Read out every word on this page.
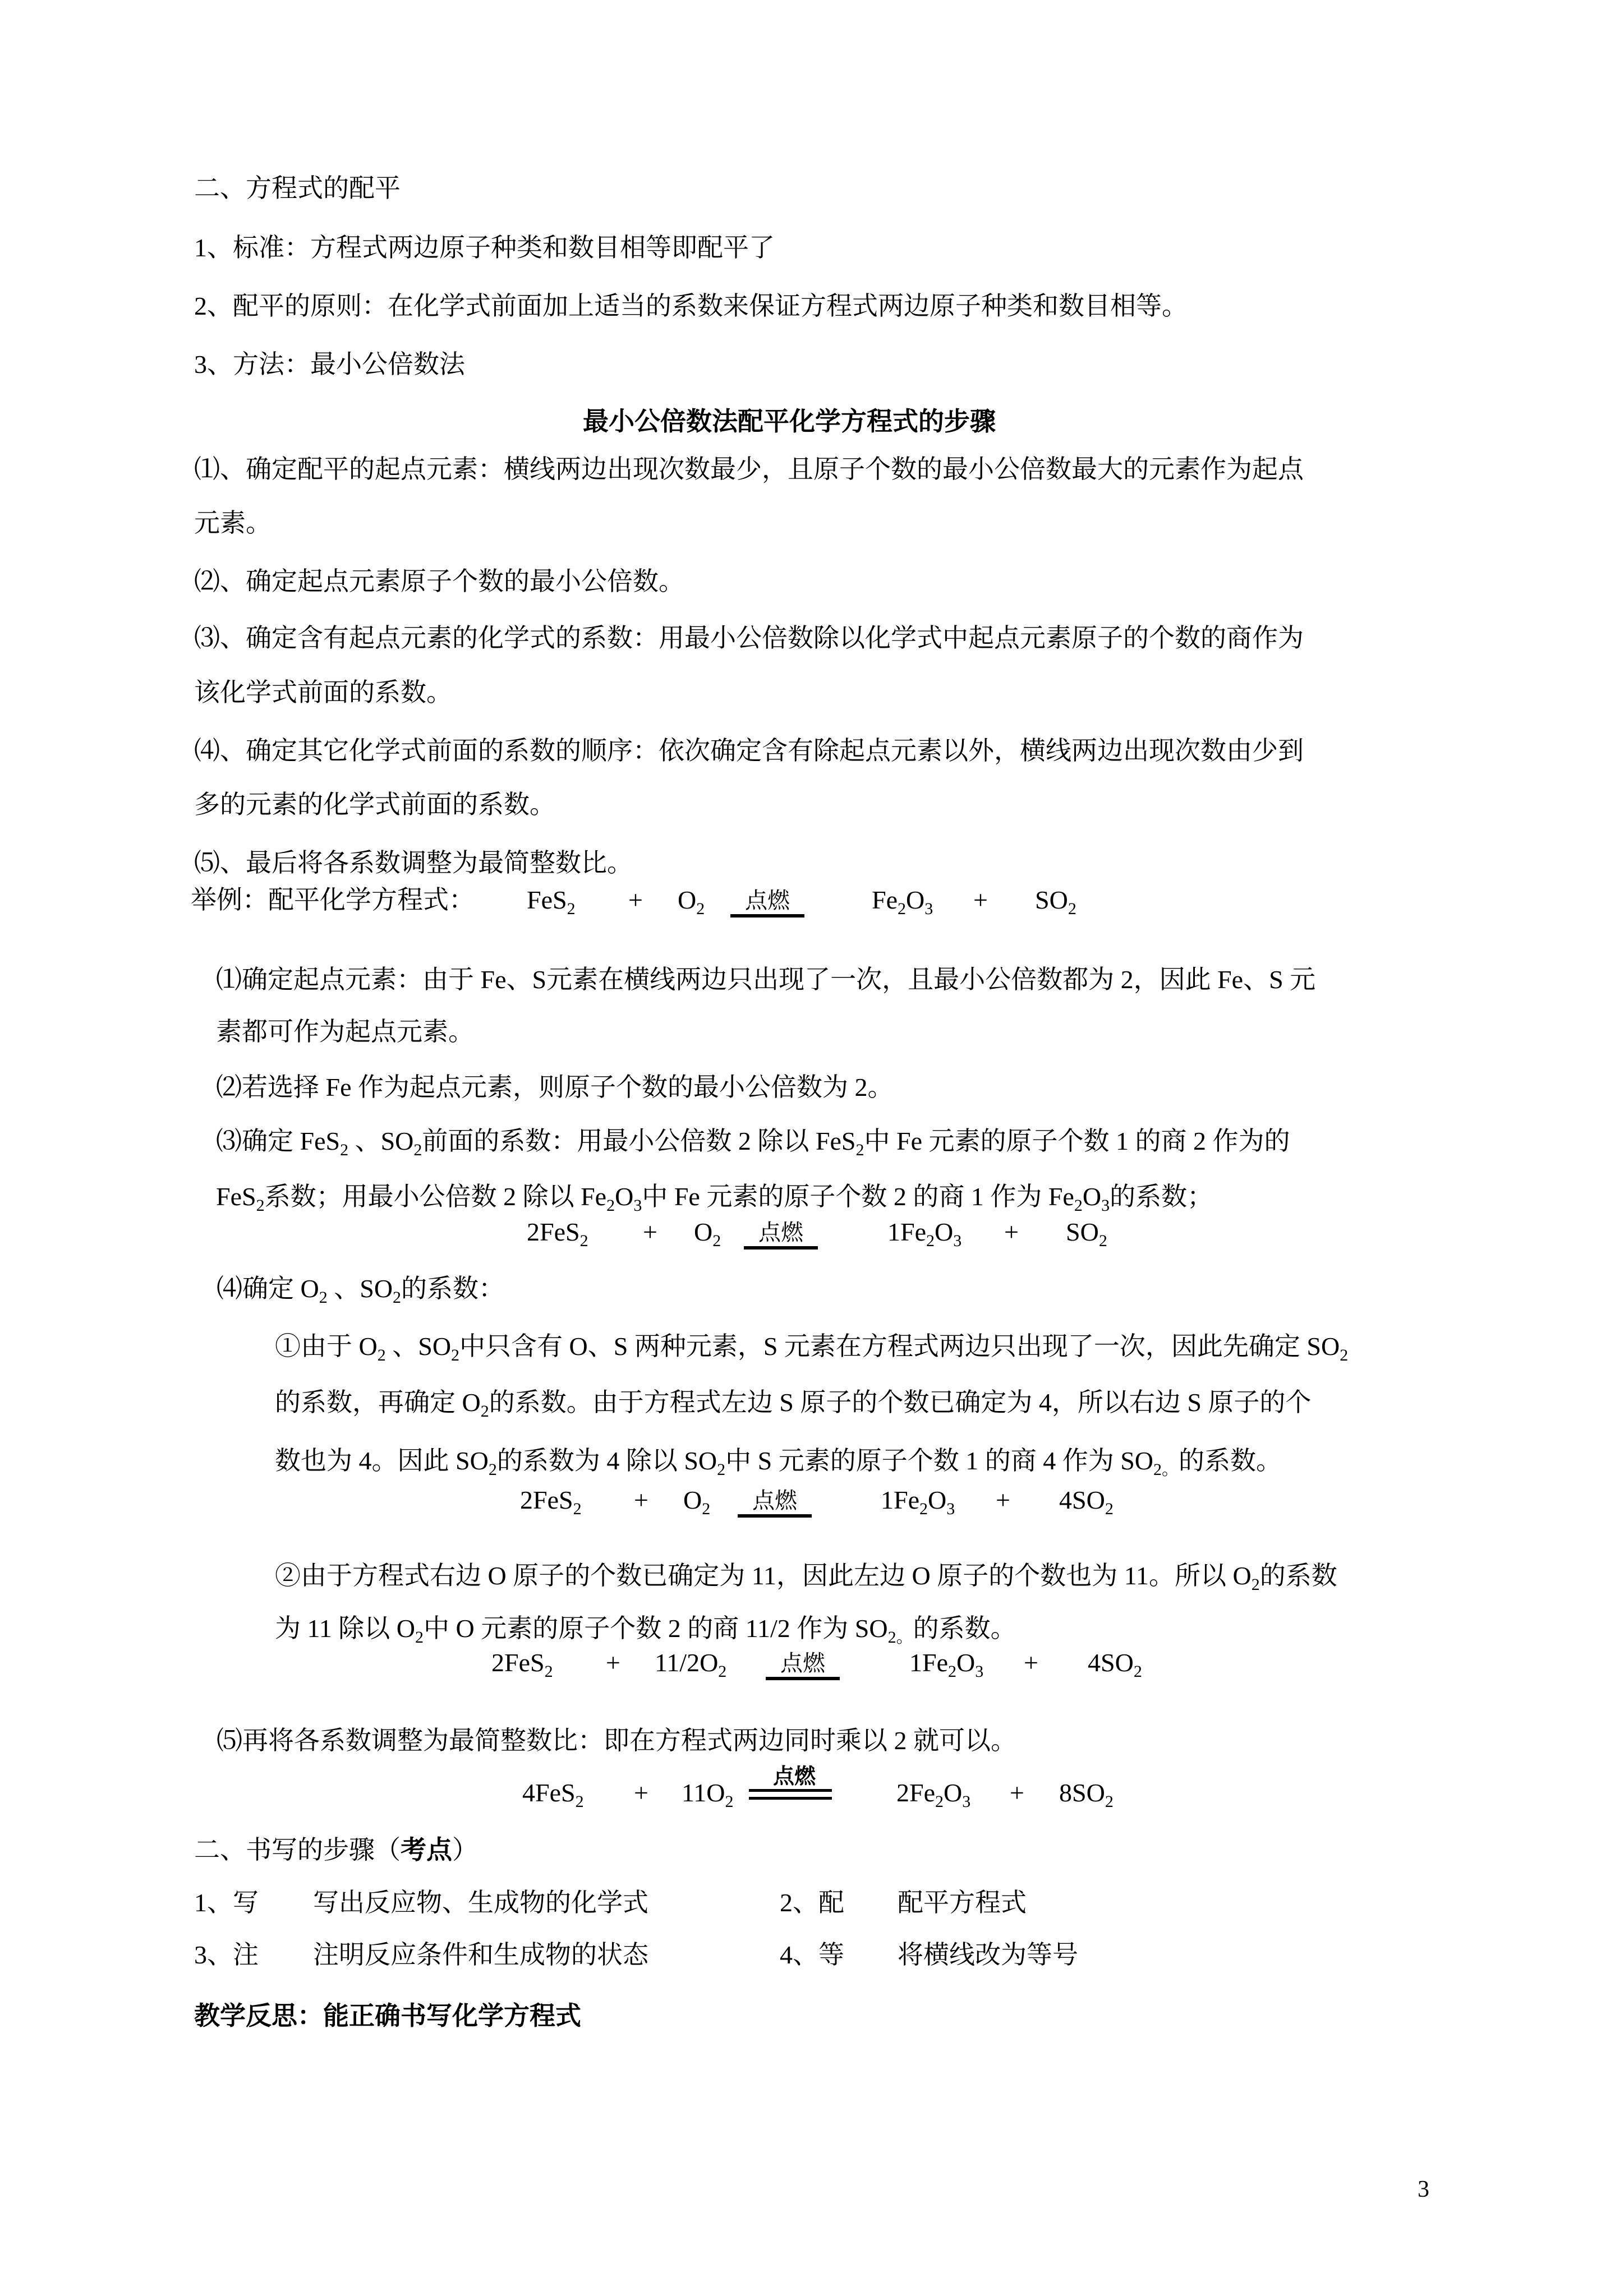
二、方程式的配平
1、标准：方程式两边原子种类和数目相等即配平了
2、配平的原则：在化学式前面加上适当的系数来保证方程式两边原子种类和数目相等。
3、方法：最小公倍数法
最小公倍数法配平化学方程式的步骤
⑴、确定配平的起点元素：横线两边出现次数最少，且原子个数的最小公倍数最大的元素作为起点
元素。
⑵、确定起点元素原子个数的最小公倍数。
⑶、确定含有起点元素的化学式的系数：用最小公倍数除以化学式中起点元素原子的个数的商作为
该化学式前面的系数。
⑷、确定其它化学式前面的系数的顺序：依次确定含有除起点元素以外，横线两边出现次数由少到
多的元素的化学式前面的系数。
⑸、最后将各系数调整为最简整数比。
举例：配平化学方程式： $FeS_2 + O_2$	点燃	$Fe_2O_3 + SO_2$
⑴确定起点元素：由于 Fe、S元素在横线两边只出现了一次，且最小公倍数都为 2，因此 Fe、S 元
素都可作为起点元素。
⑵若选择 Fe 作为起点元素，则原子个数的最小公倍数为 2。
⑶确定 FeS$_2$ 、$SO_2$前面的系数：用最小公倍数 2 除以 FeS$_2$中 Fe 元素的原子个数 1 的商 2 作为的
FeS$_2$系数；用最小公倍数 2 除以 $Fe_2O_3$中 Fe 元素的原子个数 2 的商 1 作为 $Fe_2O_3$的系数；
$2FeS_2 + O_2$	点燃	$1Fe_2O_3 + SO_2$
⑷确定 $O_2$ 、$SO_2$的系数：
①由于 $O_2$ 、$SO_2$中只含有 O、S 两种元素，S 元素在方程式两边只出现了一次，因此先确定 $SO_2$
的系数，再确定 $O_2$的系数。由于方程式左边 S 原子的个数已确定为 4，所以右边 S 原子的个
数也为 4。因此 $SO_2$的系数为 4 除以 $SO_2$中 S 元素的原子个数 1 的商 4 作为 $SO_{2。}$的系数。
$2FeS_2 + O_2$	点燃	$1Fe_2O_3 + 4SO_2$
②由于方程式右边 O 原子的个数已确定为 11，因此左边 O 原子的个数也为 11。所以 $O_2$的系数
为 11 除以 $O_2$中 O 元素的原子个数 2 的商 11/2 作为 $SO_{2。}$的系数。
$2FeS_2 + 11/2O_2$	点燃	$1Fe_2O_3 + 4SO_2$
⑸再将各系数调整为最简整数比：即在方程式两边同时乘以 2 就可以。
点燃
$4FeS_2 + 11O_2$	$2Fe_2O_3 + 8SO_2$
二、书写的步骤（考点）
1、写 写出反应物、生成物的化学式	2、配 配平方程式
3、注 注明反应条件和生成物的状态	4、等 将横线改为等号
教学反思：能正确书写化学方程式
3
